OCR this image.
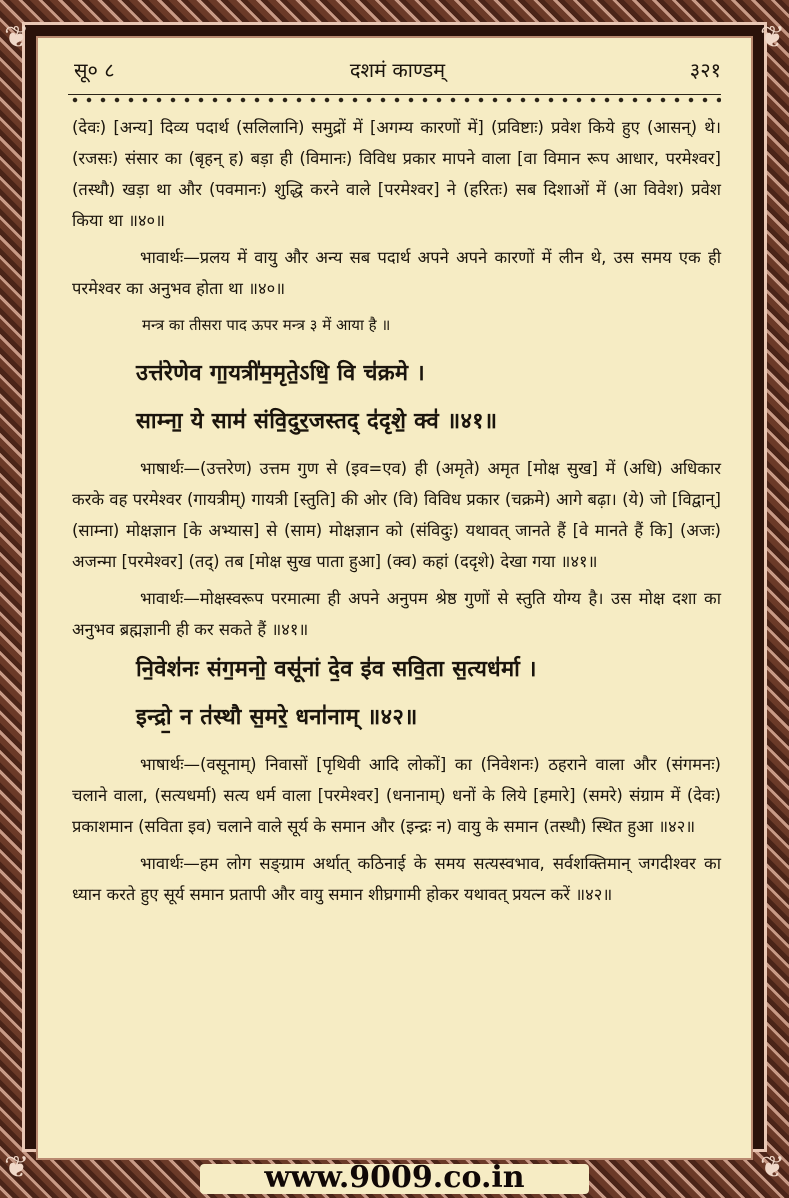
❦	❦
❦	❦
सू० ८	दशमं काण्डम्	३२१

(देवः) [अन्य] दिव्य पदार्थ (सलिलानि) समुद्रों में [अगम्य कारणों में] (प्रविष्टाः) प्रवेश किये हुए (आसन्) थे। (रजसः) संसार का (बृहन् ह) बड़ा ही (विमानः) विविध प्रकार मापने वाला [वा विमान रूप आधार, परमेश्वर] (तस्थौ) खड़ा था और (पवमानः) शुद्धि करने वाले [परमेश्वर] ने (हरितः) सब दिशाओं में (आ विवेश) प्रवेश किया था ॥४०॥

भावार्थः—प्रलय में वायु और अन्य सब पदार्थ अपने अपने कारणों में लीन थे, उस समय एक ही परमेश्वर का अनुभव होता था ॥४०॥

मन्त्र का तीसरा पाद ऊपर मन्त्र ३ में आया है ॥

उत्त॑रेणेव गा॒यत्री॑म॒मृते॒ऽधि॒ वि च॑क्रमे ।
साम्ना॒ ये साम॑ संवि॒दुर॒जस्तद् द॑दृशे॒ क्व॑ ॥४१॥

भाषार्थः—(उत्तरेण) उत्तम गुण से (इव=एव) ही (अमृते) अमृत [मोक्ष सुख] में (अधि) अधिकार करके वह परमेश्वर (गायत्रीम्) गायत्री [स्तुति] की ओर (वि) विविध प्रकार (चक्रमे) आगे बढ़ा। (ये) जो [विद्वान्] (साम्ना) मोक्षज्ञान [के अभ्यास] से (साम) मोक्षज्ञान को (संविदुः) यथावत् जानते हैं [वे मानते हैं कि] (अजः) अजन्मा [परमेश्वर] (तद्) तब [मोक्ष सुख पाता हुआ] (क्व) कहां (ददृशे) देखा गया ॥४१॥

भावार्थः—मोक्षस्वरूप परमात्मा ही अपने अनुपम श्रेष्ठ गुणों से स्तुति योग्य है। उस मोक्ष दशा का अनुभव ब्रह्मज्ञानी ही कर सकते हैं ॥४१॥

नि॒वेश॑नः संग॒मनो॒ वसू॑नां दे॒व इ॑व सवि॒ता स॒त्यध॑र्मा ।
इन्द्रो॒ न त॑स्थौ स॒मरे॒ धना॑नाम् ॥४२॥

भाषार्थः—(वसूनाम्) निवासों [पृथिवी आदि लोकों] का (निवेशनः) ठहराने वाला और (संगमनः) चलाने वाला, (सत्यधर्मा) सत्य धर्म वाला [परमेश्वर] (धनानाम्) धनों के लिये [हमारे] (समरे) संग्राम में (देवः) प्रकाशमान (सविता इव) चलाने वाले सूर्य के समान और (इन्द्रः न) वायु के समान (तस्थौ) स्थित हुआ ॥४२॥

भावार्थः—हम लोग सङ्ग्राम अर्थात् कठिनाई के समय सत्यस्वभाव, सर्वशक्तिमान् जगदीश्वर का ध्यान करते हुए सूर्य समान प्रतापी और वायु समान शीघ्रगामी होकर यथावत् प्रयत्न करें ॥४२॥

www.9009.co.in
